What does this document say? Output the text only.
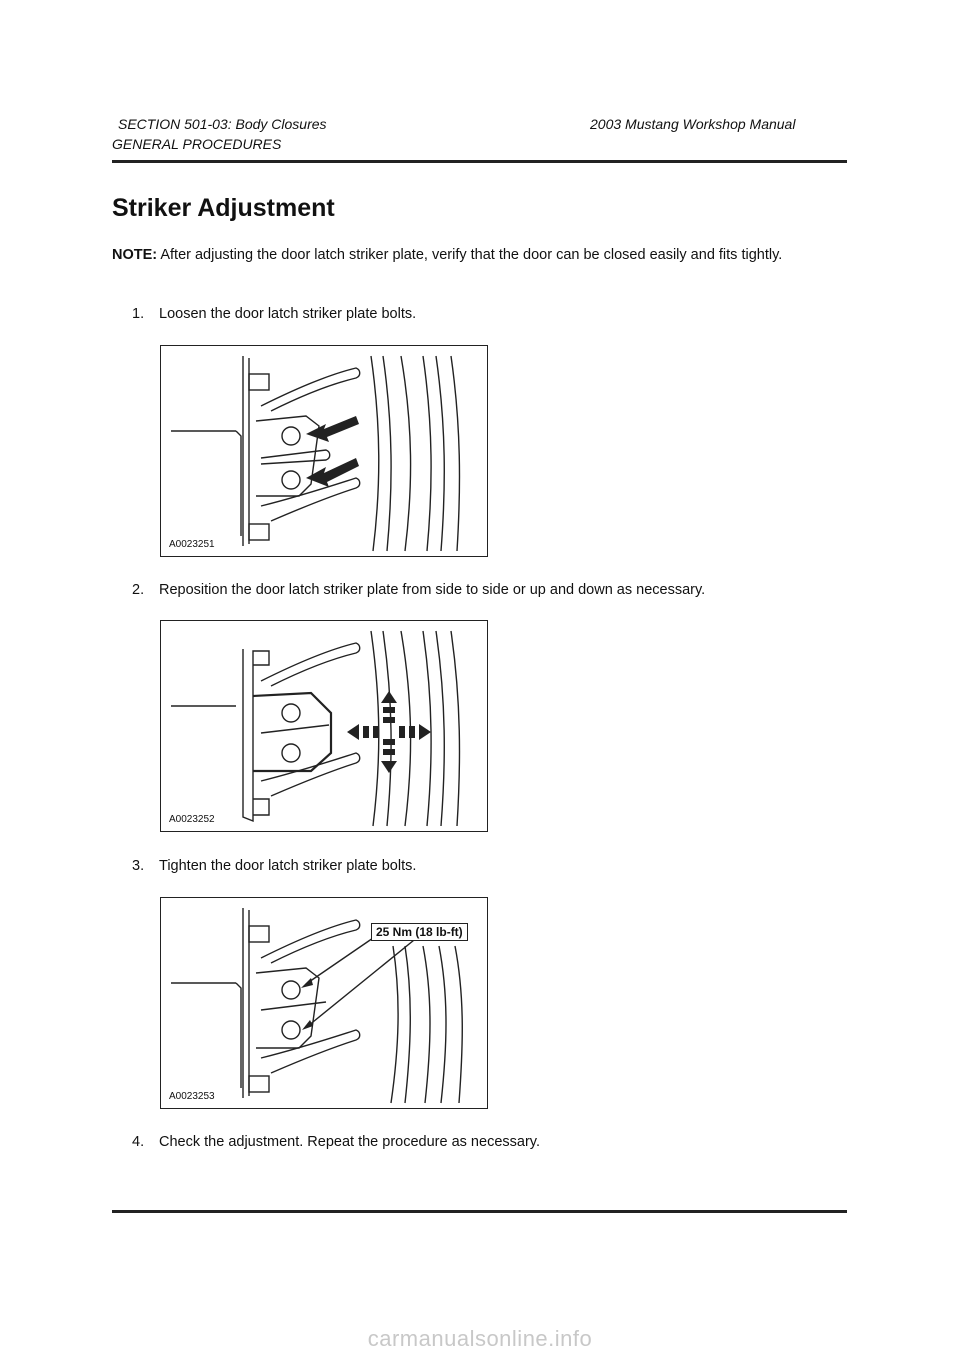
SECTION 501-03: Body Closures	2003 Mustang Workshop Manual
GENERAL PROCEDURES
Striker Adjustment
NOTE: After adjusting the door latch striker plate, verify that the door can be closed easily and fits tightly.
1. Loosen the door latch striker plate bolts.
A0023251
2. Reposition the door latch striker plate from side to side or up and down as necessary.
A0023252
3. Tighten the door latch striker plate bolts.
25 Nm (18 lb-ft)
A0023253
4. Check the adjustment. Repeat the procedure as necessary.
carmanualsonline.info
